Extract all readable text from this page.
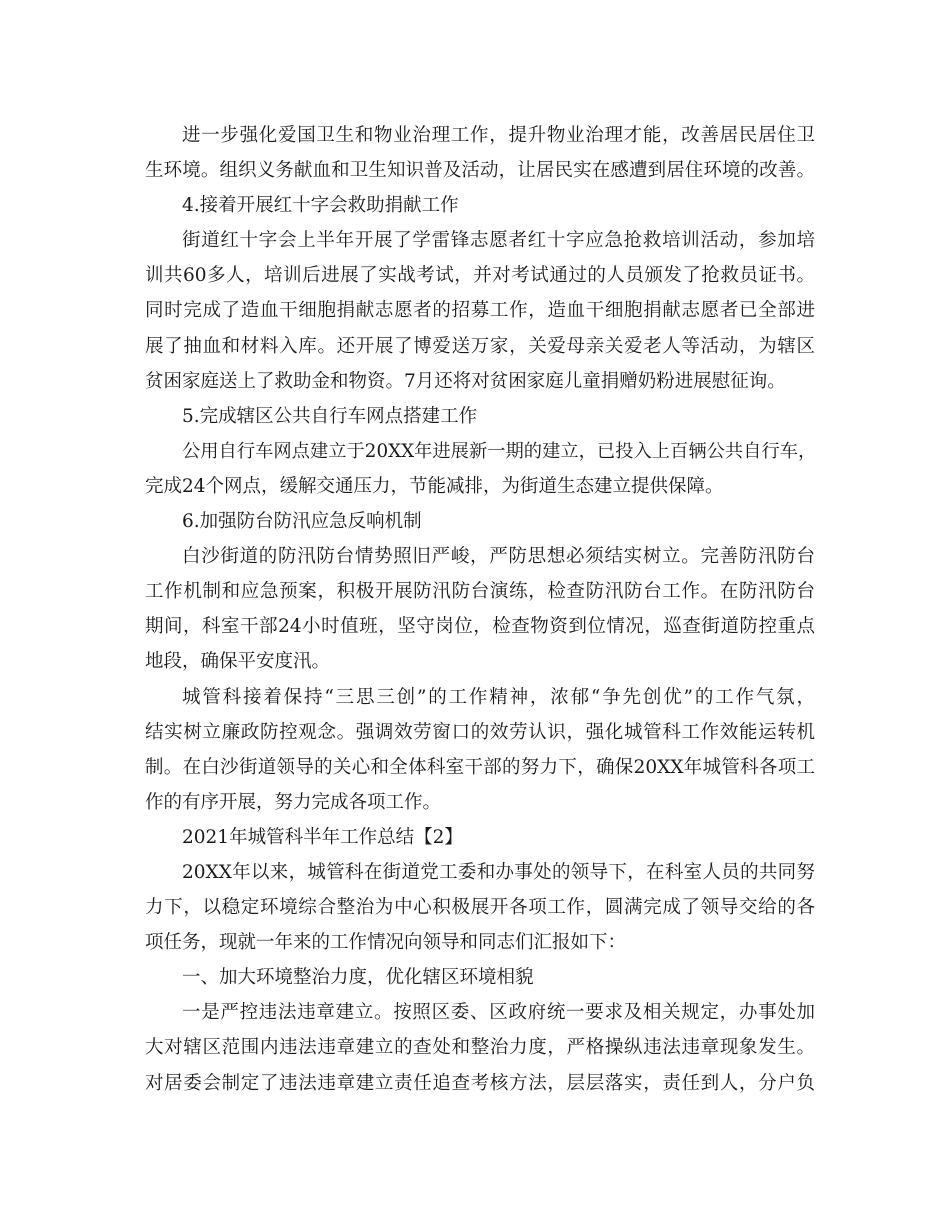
进一步强化爱国卫生和物业治理工作，提升物业治理才能，改善居民居住卫
生环境。组织义务献血和卫生知识普及活动，让居民实在感遭到居住环境的改善。
4.接着开展红十字会救助捐献工作
街道红十字会上半年开展了学雷锋志愿者红十字应急抢救培训活动，参加培
训共60多人，培训后进展了实战考试，并对考试通过的人员颁发了抢救员证书。
同时完成了造血干细胞捐献志愿者的招募工作，造血干细胞捐献志愿者已全部进
展了抽血和材料入库。还开展了博爱送万家，关爱母亲关爱老人等活动，为辖区
贫困家庭送上了救助金和物资。7月还将对贫困家庭儿童捐赠奶粉进展慰征询。
5.完成辖区公共自行车网点搭建工作
公用自行车网点建立于20XX年进展新一期的建立，已投入上百辆公共自行车，
完成24个网点，缓解交通压力，节能减排，为街道生态建立提供保障。
6.加强防台防汛应急反响机制
白沙街道的防汛防台情势照旧严峻，严防思想必须结实树立。完善防汛防台
工作机制和应急预案，积极开展防汛防台演练，检查防汛防台工作。在防汛防台
期间，科室干部24小时值班，坚守岗位，检查物资到位情况，巡查街道防控重点
地段，确保平安度汛。
城管科接着保持“三思三创”的工作精神，浓郁“争先创优”的工作气氛，
结实树立廉政防控观念。强调效劳窗口的效劳认识，强化城管科工作效能运转机
制。在白沙街道领导的关心和全体科室干部的努力下，确保20XX年城管科各项工
作的有序开展，努力完成各项工作。
2021年城管科半年工作总结【2】
20XX年以来，城管科在街道党工委和办事处的领导下，在科室人员的共同努
力下，以稳定环境综合整治为中心积极展开各项工作，圆满完成了领导交给的各
项任务，现就一年来的工作情况向领导和同志们汇报如下：
一、加大环境整治力度，优化辖区环境相貌
一是严控违法违章建立。按照区委、区政府统一要求及相关规定，办事处加
大对辖区范围内违法违章建立的查处和整治力度，严格操纵违法违章现象发生。
对居委会制定了违法违章建立责任追查考核方法，层层落实，责任到人，分户负
